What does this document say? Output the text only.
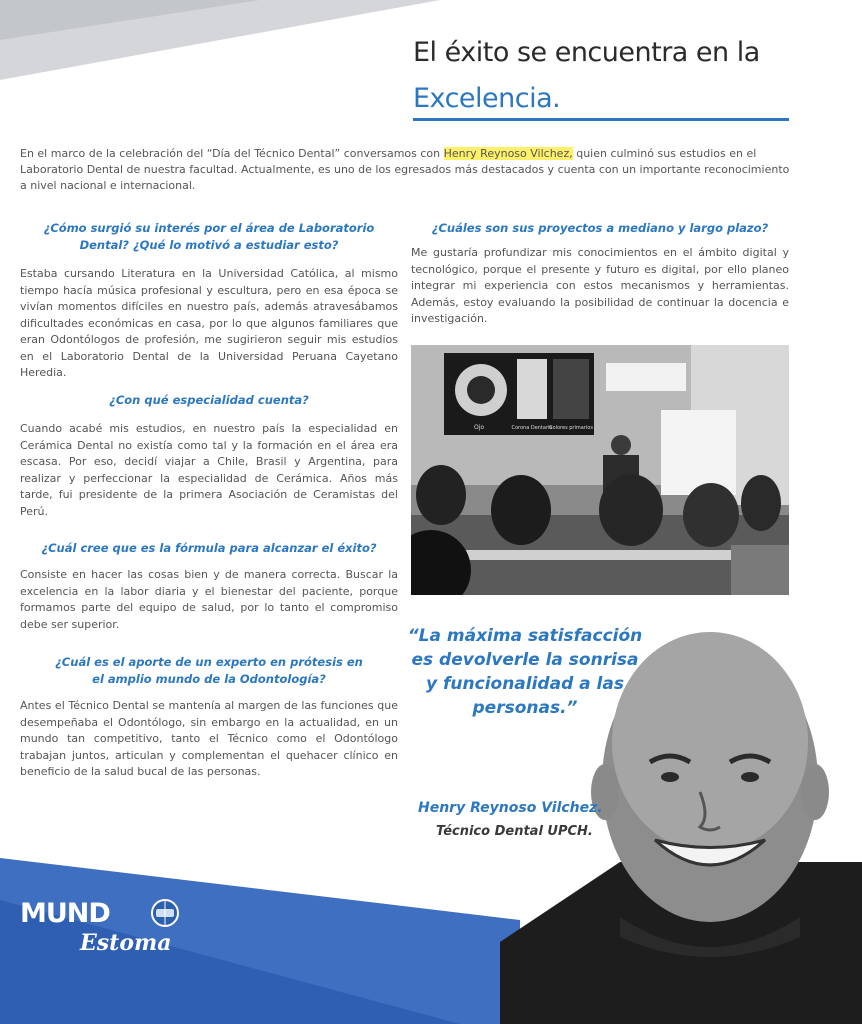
El éxito se encuentra en la
Excelencia.
En el marco de la celebración del “Día del Técnico Dental” conversamos con Henry Reynoso Vilchez, quien culminó sus estudios en el Laboratorio Dental de nuestra facultad. Actualmente, es uno de los egresados más destacados y cuenta con un importante reconocimiento a nivel nacional e internacional.

¿Cómo surgió su interés por el área de Laboratorio Dental? ¿Qué lo motivó a estudiar esto?

Estaba cursando Literatura en la Universidad Católica, al mismo tiempo hacía música profesional y escultura, pero en esa época se vivían momentos difíciles en nuestro país, además atravesábamos dificultades económicas en casa, por lo que algunos familiares que eran Odontólogos de profesión, me sugirieron seguir mis estudios en el Laboratorio Dental de la Universidad Peruana Cayetano Heredia.

¿Con qué especialidad cuenta?

Cuando acabé mis estudios, en nuestro país la especialidad en Cerámica Dental no existía como tal y la formación en el área era escasa. Por eso, decidí viajar a Chile, Brasil y Argentina, para realizar y perfeccionar la especialidad de Cerámica. Años más tarde, fui presidente de la primera Asociación de Ceramistas del Perú.

¿Cuál cree que es la fórmula para alcanzar el éxito?

Consiste en hacer las cosas bien y de manera correcta. Buscar la excelencia en la labor diaria y el bienestar del paciente, porque formamos parte del equipo de salud, por lo tanto el compromiso debe ser superior.

¿Cuál es el aporte de un experto en prótesis en el amplio mundo de la Odontología?

Antes el Técnico Dental se mantenía al margen de las funciones que desempeñaba el Odontólogo, sin embargo en la actualidad, en un mundo tan competitivo, tanto el Técnico como el Odontólogo trabajan juntos, articulan y complementan el quehacer clínico en beneficio de la salud bucal de las personas.

¿Cuáles son sus proyectos a mediano y largo plazo?

Me gustaría profundizar mis conocimientos en el ámbito digital y tecnológico, porque el presente y futuro es digital, por ello planeo integrar mi experiencia con estos mecanismos y herramientas. Además, estoy evaluando la posibilidad de continuar la docencia e investigación.

Ojo	Corona Dentaria
Colores primarios
“La máxima satisfacción es devolverle la sonrisa y funcionalidad a las personas.”
Henry Reynoso Vilchez.
Técnico Dental UPCH.
MUND
Estoma
